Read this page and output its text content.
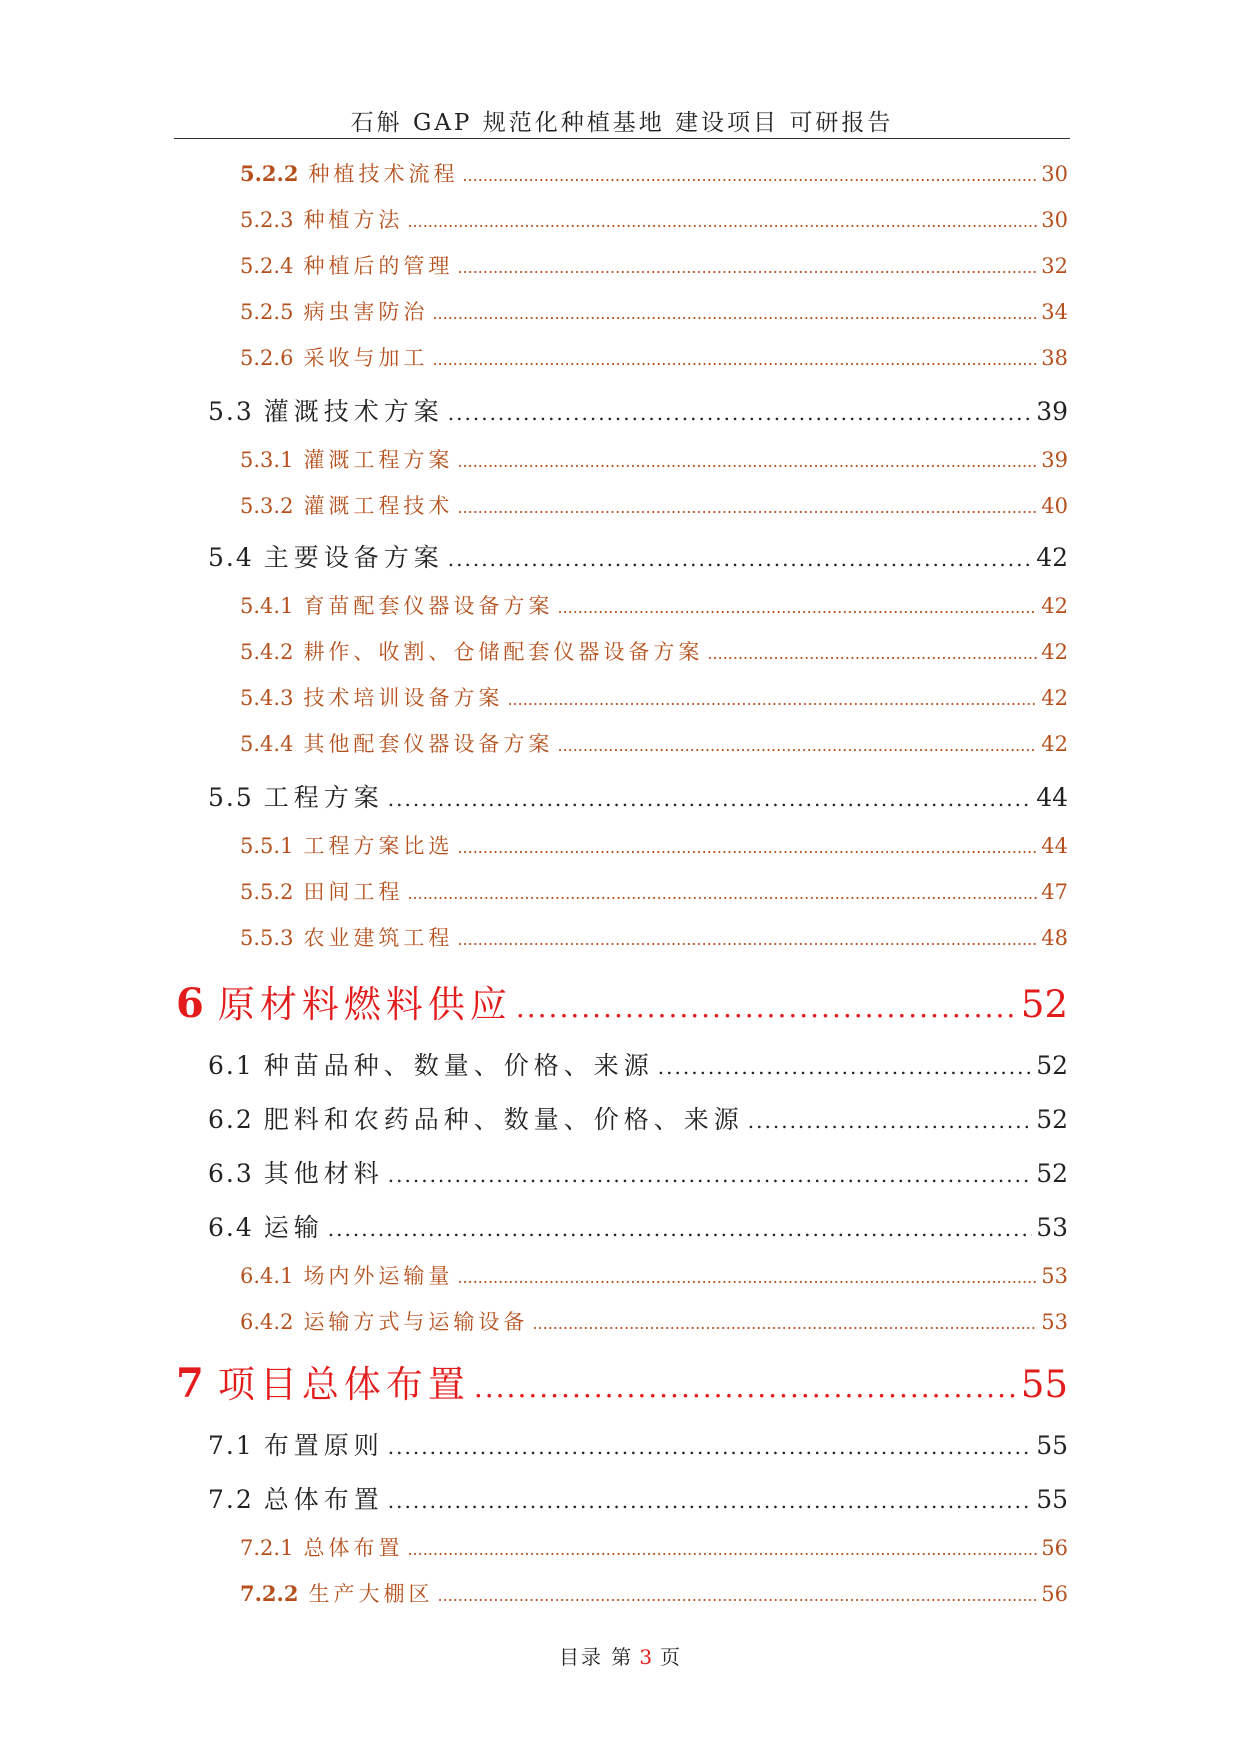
石斛 GAP 规范化种植基地 建设项目 可研报告
5.2.2 种植技术流程 .....	30
5.2.3 种植方法 .....	30
5.2.4 种植后的管理 .....	32
5.2.5 病虫害防治 .....	34
5.2.6 采收与加工 .....	38
5.3 灌溉技术方案 .....	39
5.3.1 灌溉工程方案 .....	39
5.3.2 灌溉工程技术 .....	40
5.4 主要设备方案 .....	42
5.4.1 育苗配套仪器设备方案 .....	42
5.4.2 耕作、收割、仓储配套仪器设备方案 .....	42
5.4.3 技术培训设备方案 .....	42
5.4.4 其他配套仪器设备方案 .....	42
5.5 工程方案 .....	44
5.5.1 工程方案比选 .....	44
5.5.2 田间工程 .....	47
5.5.3 农业建筑工程 .....	48
6 原材料燃料供应 .....	52
6.1 种苗品种、数量、价格、来源 .....	52
6.2 肥料和农药品种、数量、价格、来源 .....	52
6.3 其他材料 .....	52
6.4 运输 .....	53
6.4.1 场内外运输量 .....	53
6.4.2 运输方式与运输设备 .....	53
7 项目总体布置 .....	55
7.1 布置原则 .....	55
7.2 总体布置 .....	55
7.2.1 总体布置 .....	56
7.2.2 生产大棚区 .....	56
目录 第 3 页
